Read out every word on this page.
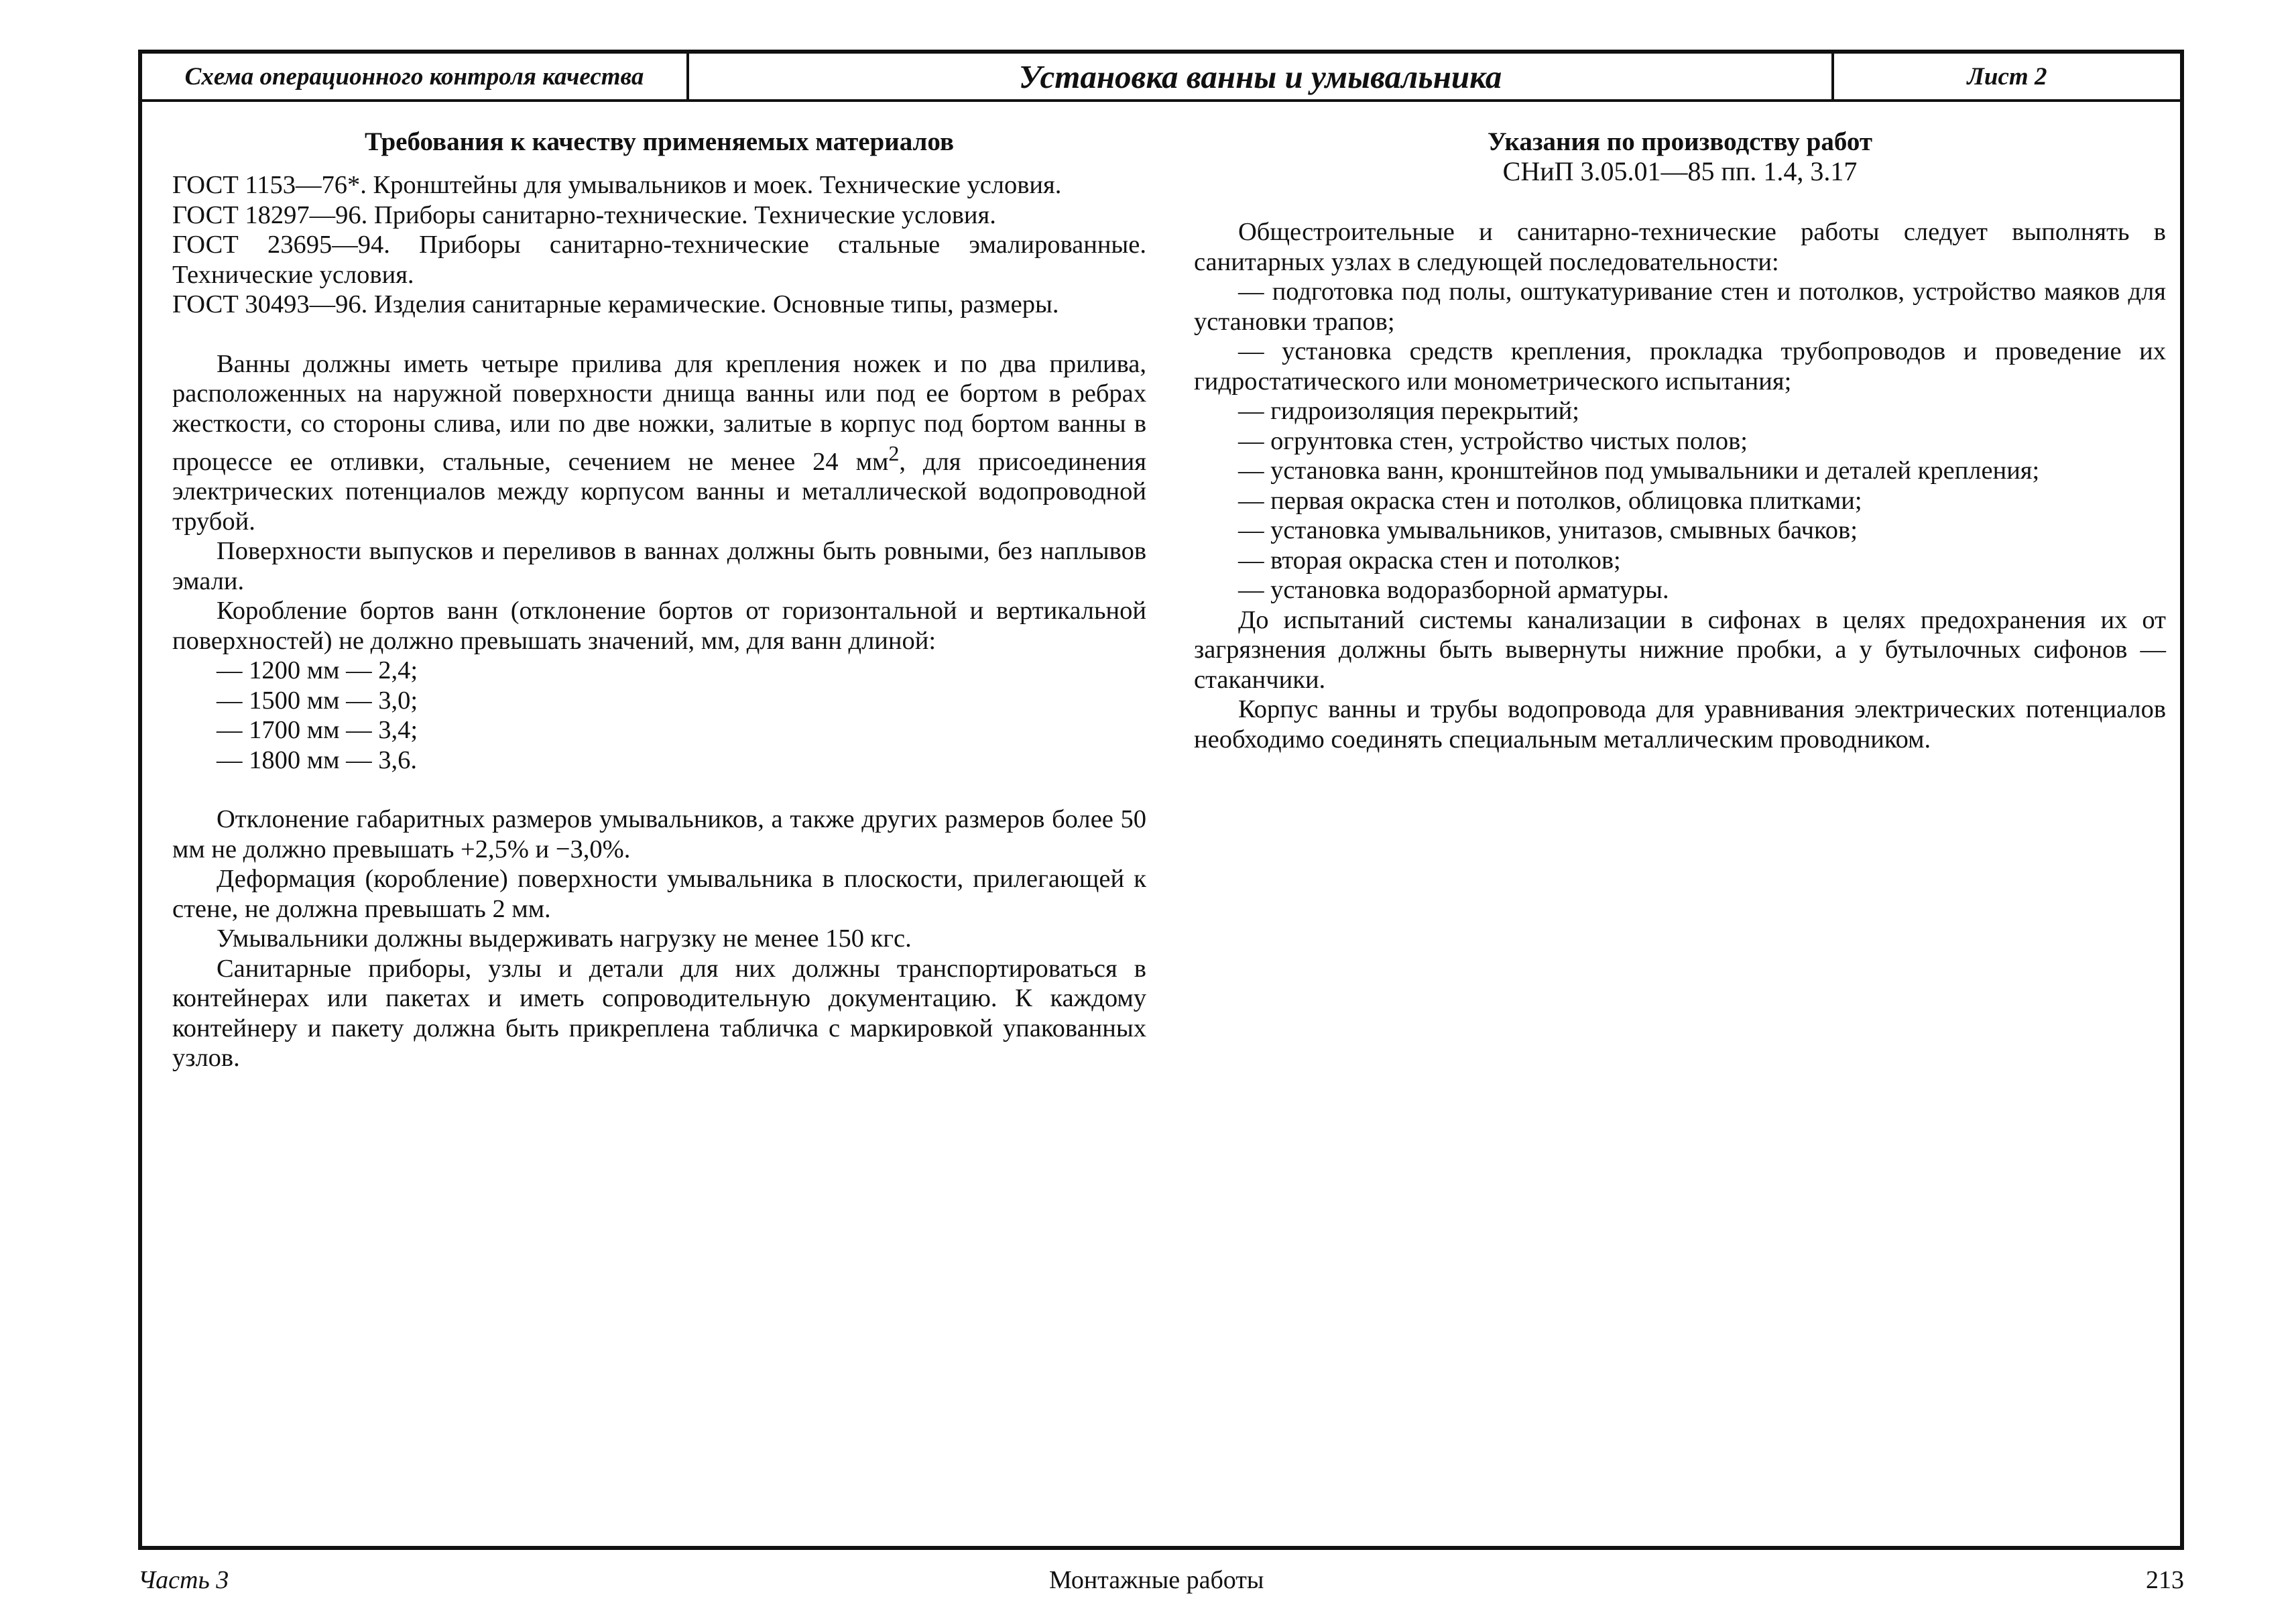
Схема операционного контроля качества	Установка ванны и умывальника	Лист 2
Требования к качеству применяемых материалов

ГОСТ 1153—76*. Кронштейны для умывальников и моек. Технические условия.

ГОСТ 18297—96. Приборы санитарно-технические. Технические условия.

ГОСТ 23695—94. Приборы санитарно-технические стальные эмалированные. Технические условия.

ГОСТ 30493—96. Изделия санитарные керамические. Основные типы, размеры.

Ванны должны иметь четыре прилива для крепления ножек и по два прилива, расположенных на наружной поверхности днища ванны или под ее бортом в ребрах жесткости, со стороны слива, или по две ножки, залитые в корпус под бортом ванны в процессе ее отливки, стальные, сечением не менее 24 $мм^2$, для присоединения электрических потенциалов между корпусом ванны и металлической водопроводной трубой.

Поверхности выпусков и переливов в ваннах должны быть ровными, без наплывов эмали.

Коробление бортов ванн (отклонение бортов от горизонтальной и вертикальной поверхностей) не должно превышать значений, мм, для ванн длиной:

— 1200 мм — 2,4;
— 1500 мм — 3,0;
— 1700 мм — 3,4;
— 1800 мм — 3,6.

Отклонение габаритных размеров умывальников, а также других размеров более 50 мм не должно превышать +2,5% и −3,0%.

Деформация (коробление) поверхности умывальника в плоскости, прилегающей к стене, не должна превышать 2 мм.

Умывальники должны выдерживать нагрузку не менее 150 кгс.

Санитарные приборы, узлы и детали для них должны транспортироваться в контейнерах или пакетах и иметь сопроводительную документацию. К каждому контейнеру и пакету должна быть прикреплена табличка с маркировкой упакованных узлов.

Указания по производству работ

СНиП 3.05.01—85 пп. 1.4, 3.17

Общестроительные и санитарно-технические работы следует выполнять в санитарных узлах в следующей последовательности:

— подготовка под полы, оштукатуривание стен и потолков, устройство маяков для установки трапов;
— установка средств крепления, прокладка трубопроводов и проведение их гидростатического или монометрического испытания;
— гидроизоляция перекрытий;
— огрунтовка стен, устройство чистых полов;
— установка ванн, кронштейнов под умывальники и деталей крепления;
— первая окраска стен и потолков, облицовка плитками;
— установка умывальников, унитазов, смывных бачков;
— вторая окраска стен и потолков;
— установка водоразборной арматуры.

До испытаний системы канализации в сифонах в целях предохранения их от загрязнения должны быть вывернуты нижние пробки, а у бутылочных сифонов — стаканчики.

Корпус ванны и трубы водопровода для уравнивания электрических потенциалов необходимо соединять специальным металлическим проводником.

Часть 3	Монтажные работы	213
